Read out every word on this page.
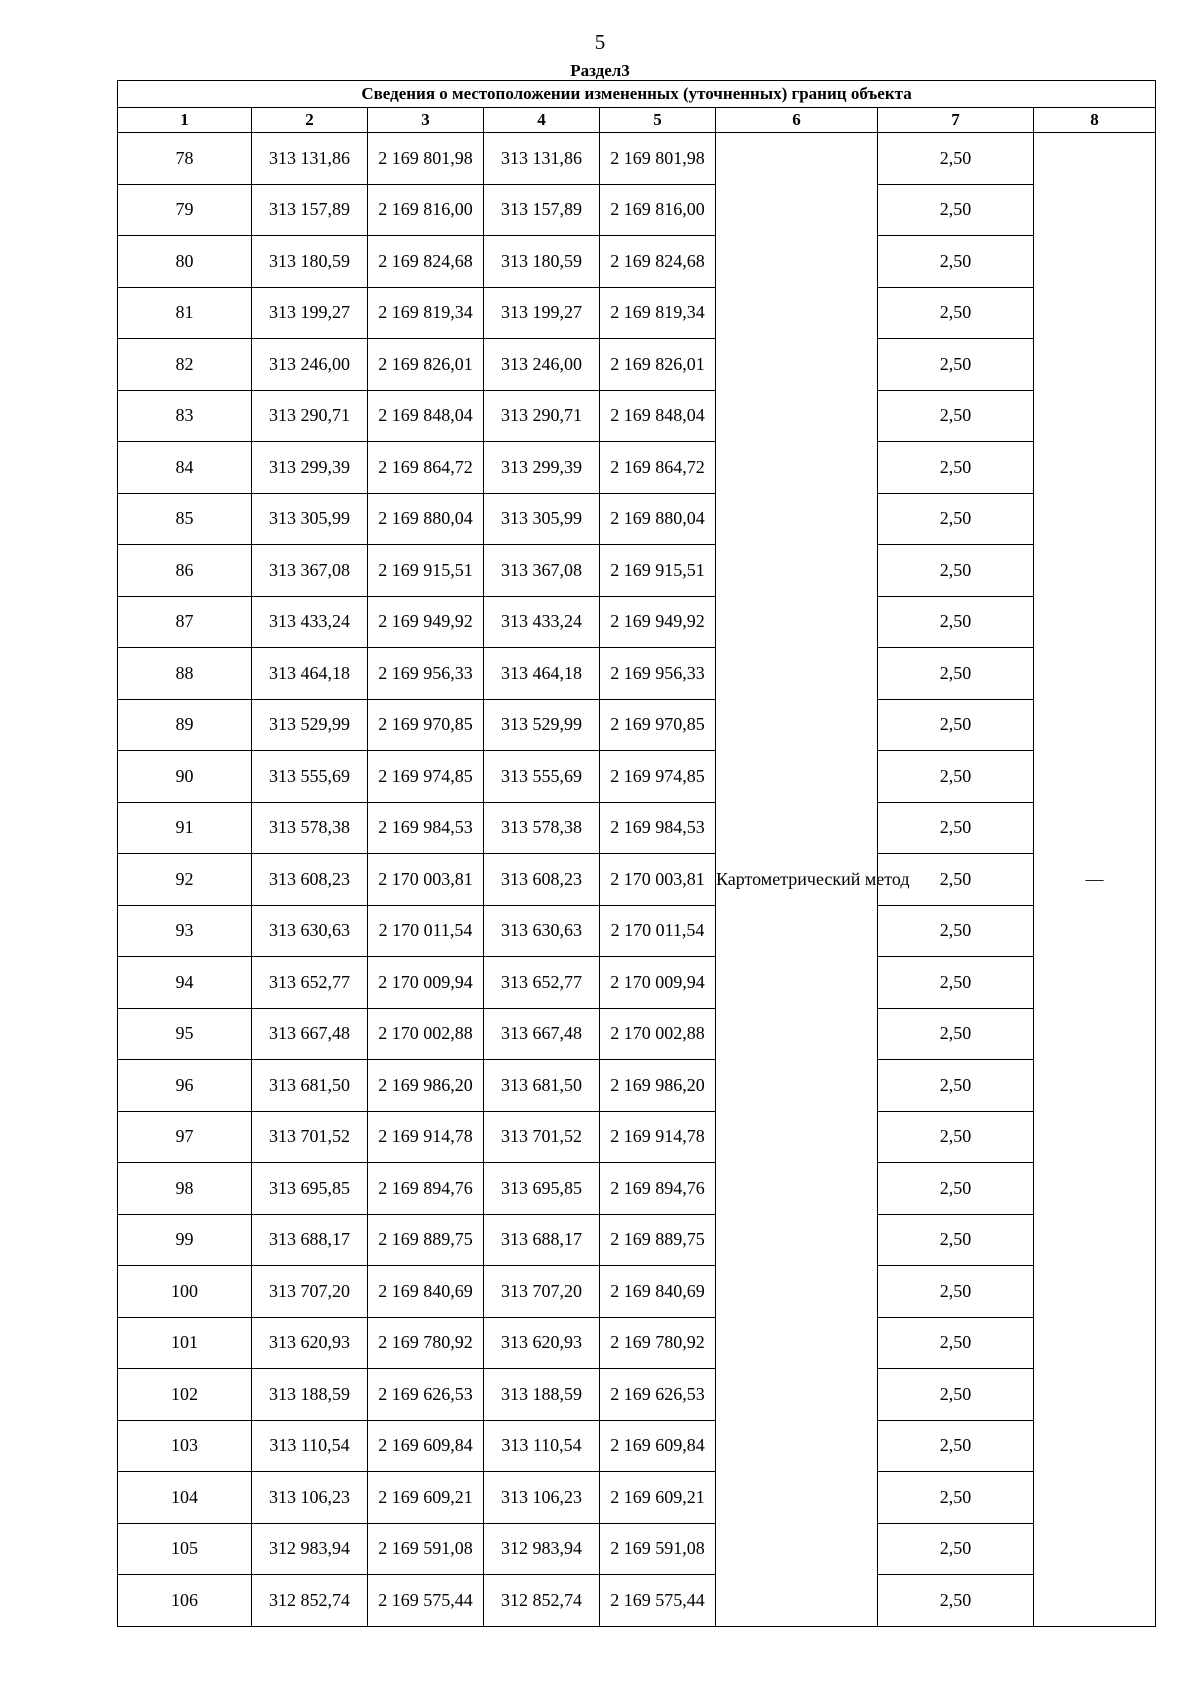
5
Раздел3
Сведения о местоположении измененных (уточненных) границ объекта							
1	2	3	4	5	6	7	8
78	313 131,86	2 169 801,98	313 131,86	2 169 801,98	Картометрический метод	2,50	—
79	313 157,89	2 169 816,00	313 157,89	2 169 816,00		2,50	
80	313 180,59	2 169 824,68	313 180,59	2 169 824,68		2,50	
81	313 199,27	2 169 819,34	313 199,27	2 169 819,34		2,50	
82	313 246,00	2 169 826,01	313 246,00	2 169 826,01		2,50	
83	313 290,71	2 169 848,04	313 290,71	2 169 848,04		2,50	
84	313 299,39	2 169 864,72	313 299,39	2 169 864,72		2,50	
85	313 305,99	2 169 880,04	313 305,99	2 169 880,04		2,50	
86	313 367,08	2 169 915,51	313 367,08	2 169 915,51		2,50	
87	313 433,24	2 169 949,92	313 433,24	2 169 949,92		2,50	
88	313 464,18	2 169 956,33	313 464,18	2 169 956,33		2,50	
89	313 529,99	2 169 970,85	313 529,99	2 169 970,85		2,50	
90	313 555,69	2 169 974,85	313 555,69	2 169 974,85		2,50	
91	313 578,38	2 169 984,53	313 578,38	2 169 984,53		2,50	
92	313 608,23	2 170 003,81	313 608,23	2 170 003,81		2,50	
93	313 630,63	2 170 011,54	313 630,63	2 170 011,54		2,50	
94	313 652,77	2 170 009,94	313 652,77	2 170 009,94		2,50	
95	313 667,48	2 170 002,88	313 667,48	2 170 002,88		2,50	
96	313 681,50	2 169 986,20	313 681,50	2 169 986,20		2,50	
97	313 701,52	2 169 914,78	313 701,52	2 169 914,78		2,50	
98	313 695,85	2 169 894,76	313 695,85	2 169 894,76		2,50	
99	313 688,17	2 169 889,75	313 688,17	2 169 889,75		2,50	
100	313 707,20	2 169 840,69	313 707,20	2 169 840,69		2,50	
101	313 620,93	2 169 780,92	313 620,93	2 169 780,92		2,50	
102	313 188,59	2 169 626,53	313 188,59	2 169 626,53		2,50	
103	313 110,54	2 169 609,84	313 110,54	2 169 609,84		2,50	
104	313 106,23	2 169 609,21	313 106,23	2 169 609,21		2,50	
105	312 983,94	2 169 591,08	312 983,94	2 169 591,08		2,50	
106	312 852,74	2 169 575,44	312 852,74	2 169 575,44		2,50	
